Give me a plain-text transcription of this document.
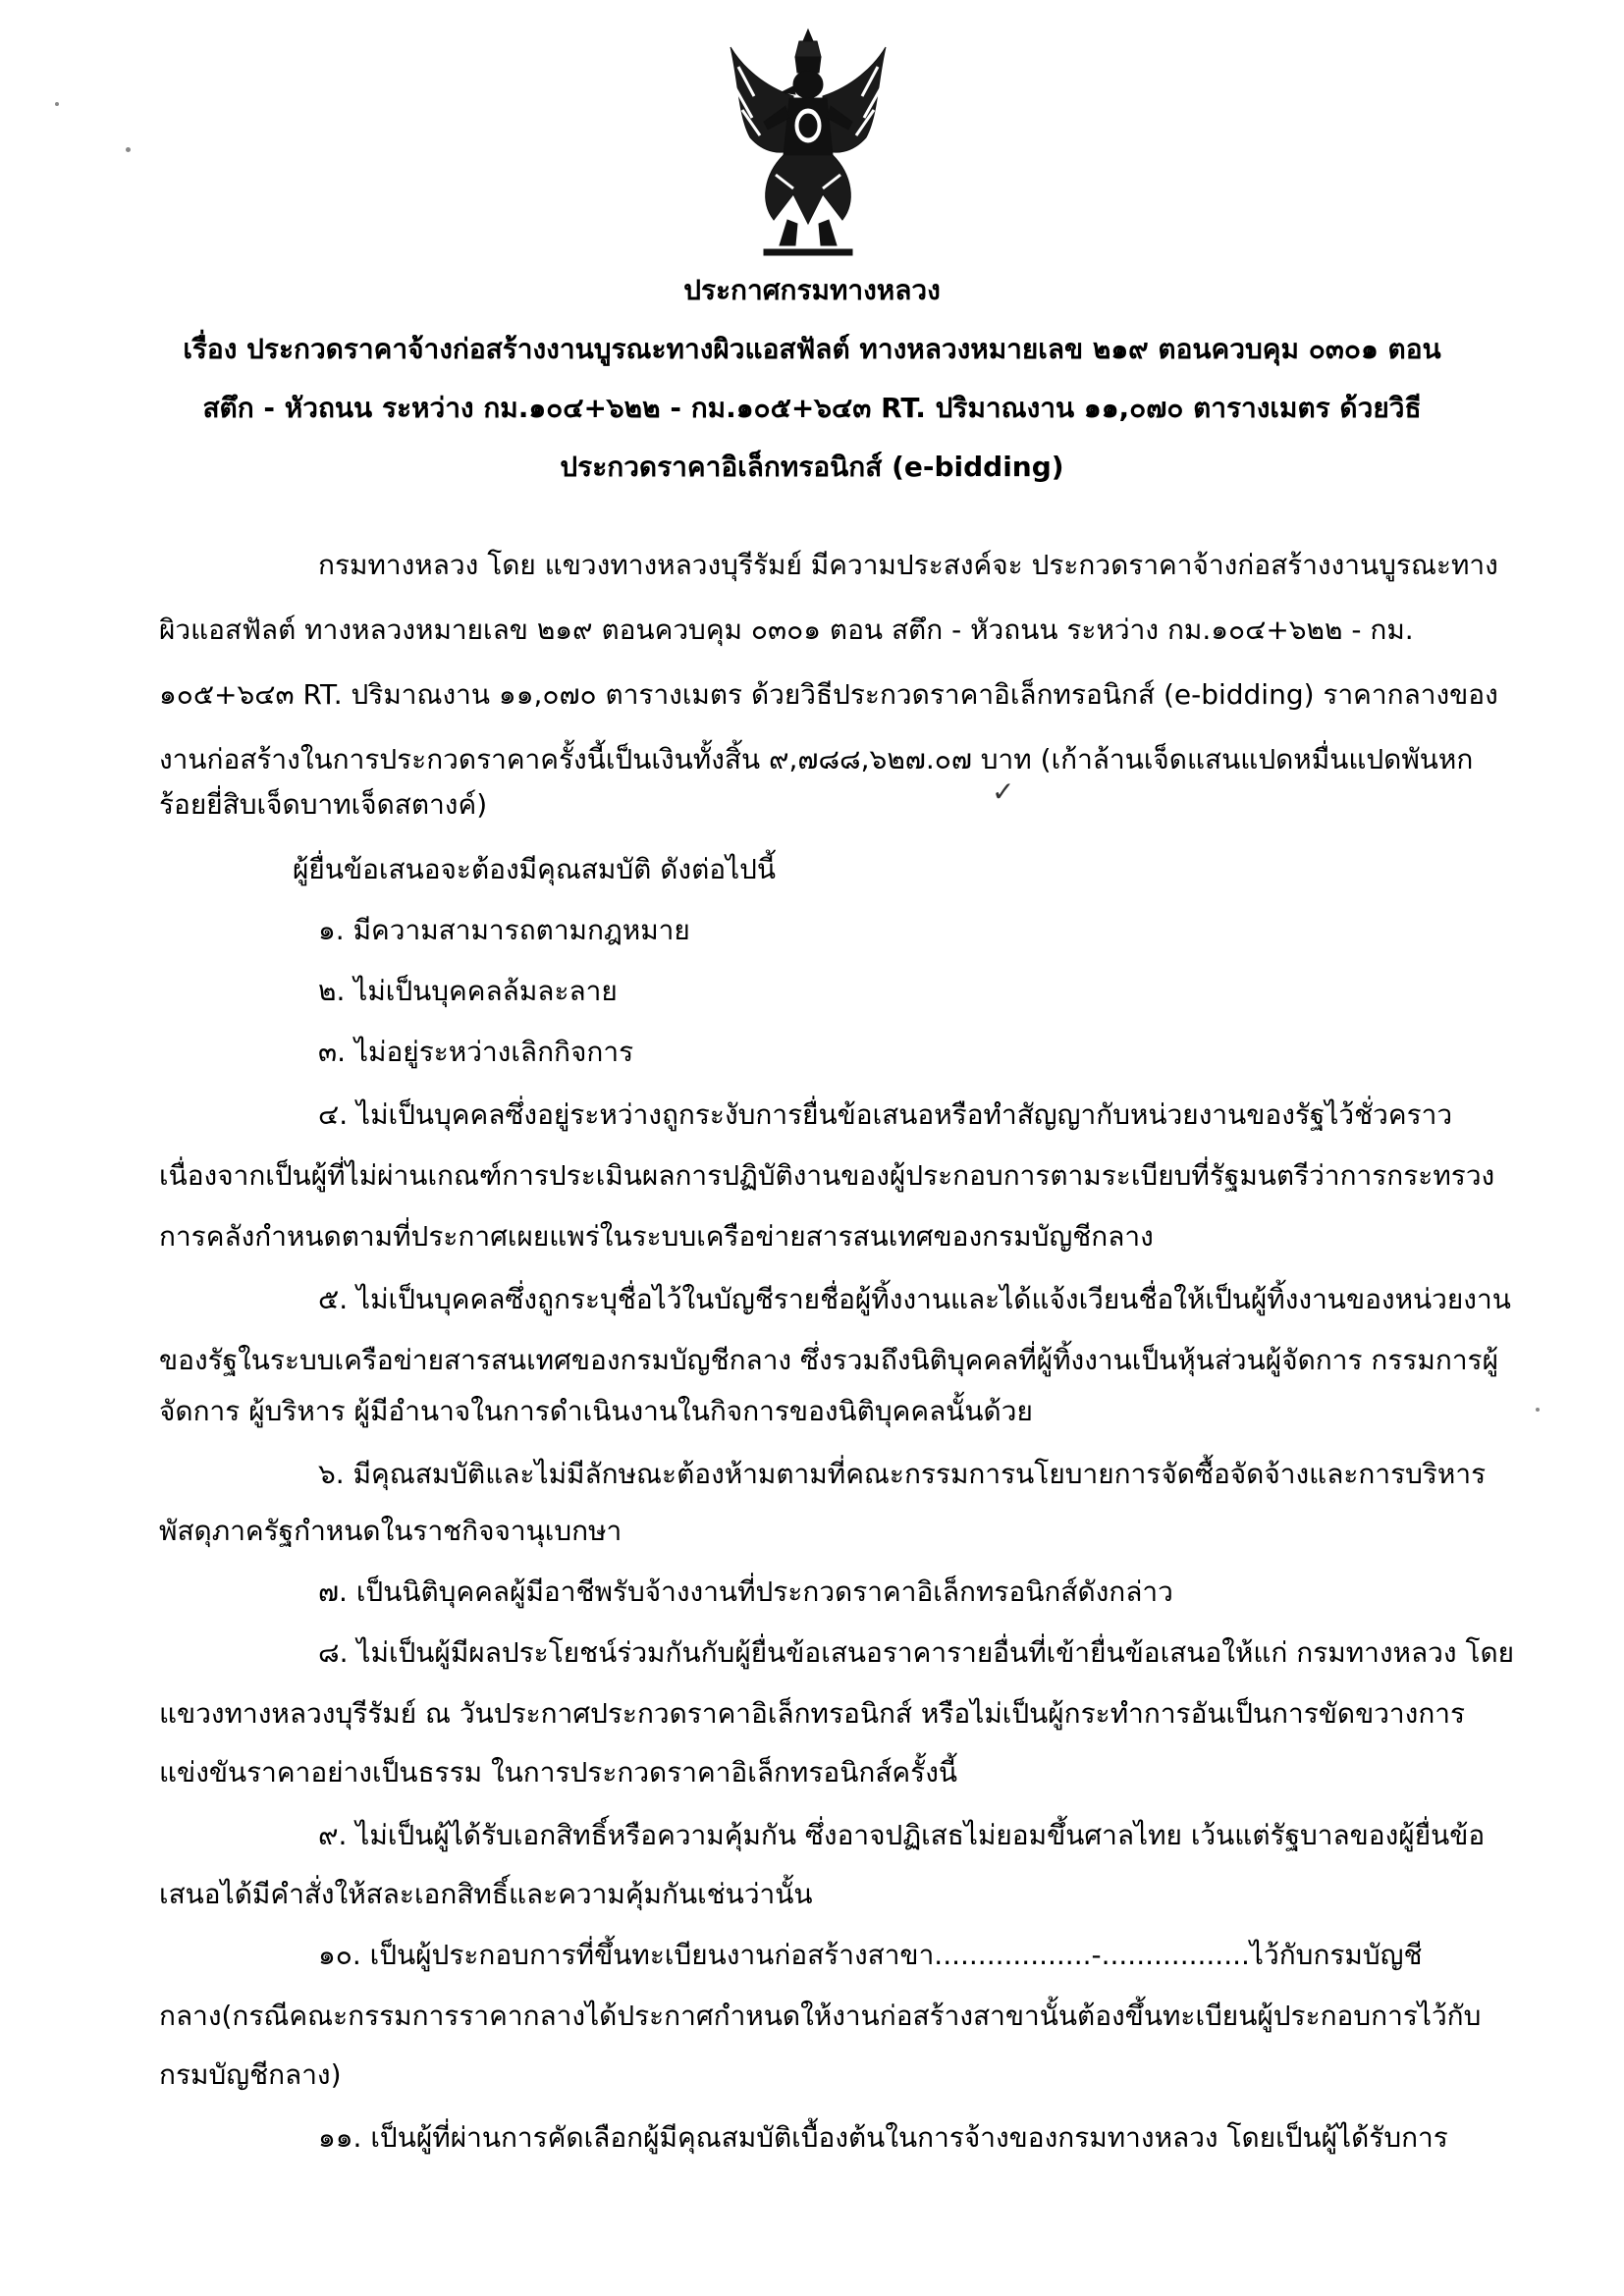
ประกาศกรมทางหลวง
เรื่อง ประกวดราคาจ้างก่อสร้างงานบูรณะทางผิวแอสฟัลต์ ทางหลวงหมายเลข ๒๑๙ ตอนควบคุม ๐๓๐๑ ตอน
สตึก - หัวถนน ระหว่าง กม.๑๐๔+๖๒๒ - กม.๑๐๕+๖๔๓ RT. ปริมาณงาน ๑๑,๐๗๐ ตารางเมตร ด้วยวิธี
ประกวดราคาอิเล็กทรอนิกส์ (e-bidding)
กรมทางหลวง โดย แขวงทางหลวงบุรีรัมย์ มีความประสงค์จะ ประกวดราคาจ้างก่อสร้างงานบูรณะทาง
ผิวแอสฟัลต์ ทางหลวงหมายเลข ๒๑๙ ตอนควบคุม ๐๓๐๑ ตอน สตึก - หัวถนน ระหว่าง กม.๑๐๔+๖๒๒ - กม.
๑๐๕+๖๔๓ RT. ปริมาณงาน ๑๑,๐๗๐ ตารางเมตร ด้วยวิธีประกวดราคาอิเล็กทรอนิกส์ (e-bidding) ราคากลางของ
งานก่อสร้างในการประกวดราคาครั้งนี้เป็นเงินทั้งสิ้น ๙,๗๘๘,๖๒๗.๐๗ บาท (เก้าล้านเจ็ดแสนแปดหมื่นแปดพันหก
ร้อยยี่สิบเจ็ดบาทเจ็ดสตางค์)
ผู้ยื่นข้อเสนอจะต้องมีคุณสมบัติ ดังต่อไปนี้
๑. มีความสามารถตามกฎหมาย
๒. ไม่เป็นบุคคลล้มละลาย
๓. ไม่อยู่ระหว่างเลิกกิจการ
๔. ไม่เป็นบุคคลซึ่งอยู่ระหว่างถูกระงับการยื่นข้อเสนอหรือทำสัญญากับหน่วยงานของรัฐไว้ชั่วคราว
เนื่องจากเป็นผู้ที่ไม่ผ่านเกณฑ์การประเมินผลการปฏิบัติงานของผู้ประกอบการตามระเบียบที่รัฐมนตรีว่าการกระทรวง
การคลังกำหนดตามที่ประกาศเผยแพร่ในระบบเครือข่ายสารสนเทศของกรมบัญชีกลาง
๕. ไม่เป็นบุคคลซึ่งถูกระบุชื่อไว้ในบัญชีรายชื่อผู้ทิ้งงานและได้แจ้งเวียนชื่อให้เป็นผู้ทิ้งงานของหน่วยงาน
ของรัฐในระบบเครือข่ายสารสนเทศของกรมบัญชีกลาง ซึ่งรวมถึงนิติบุคคลที่ผู้ทิ้งงานเป็นหุ้นส่วนผู้จัดการ กรรมการผู้
จัดการ ผู้บริหาร ผู้มีอำนาจในการดำเนินงานในกิจการของนิติบุคคลนั้นด้วย
๖. มีคุณสมบัติและไม่มีลักษณะต้องห้ามตามที่คณะกรรมการนโยบายการจัดซื้อจัดจ้างและการบริหาร
พัสดุภาครัฐกำหนดในราชกิจจานุเบกษา
๗. เป็นนิติบุคคลผู้มีอาชีพรับจ้างงานที่ประกวดราคาอิเล็กทรอนิกส์ดังกล่าว
๘. ไม่เป็นผู้มีผลประโยชน์ร่วมกันกับผู้ยื่นข้อเสนอราคารายอื่นที่เข้ายื่นข้อเสนอให้แก่ กรมทางหลวง โดย
แขวงทางหลวงบุรีรัมย์ ณ วันประกาศประกวดราคาอิเล็กทรอนิกส์ หรือไม่เป็นผู้กระทำการอันเป็นการขัดขวางการ
แข่งขันราคาอย่างเป็นธรรม ในการประกวดราคาอิเล็กทรอนิกส์ครั้งนี้
๙. ไม่เป็นผู้ได้รับเอกสิทธิ์หรือความคุ้มกัน ซึ่งอาจปฏิเสธไม่ยอมขึ้นศาลไทย เว้นแต่รัฐบาลของผู้ยื่นข้อ
เสนอได้มีคำสั่งให้สละเอกสิทธิ์และความคุ้มกันเช่นว่านั้น
๑๐. เป็นผู้ประกอบการที่ขึ้นทะเบียนงานก่อสร้างสาขา..................-.................ไว้กับกรมบัญชี
กลาง(กรณีคณะกรรมการราคากลางได้ประกาศกำหนดให้งานก่อสร้างสาขานั้นต้องขึ้นทะเบียนผู้ประกอบการไว้กับ
กรมบัญชีกลาง)
๑๑. เป็นผู้ที่ผ่านการคัดเลือกผู้มีคุณสมบัติเบื้องต้นในการจ้างของกรมทางหลวง โดยเป็นผู้ได้รับการ
✓
